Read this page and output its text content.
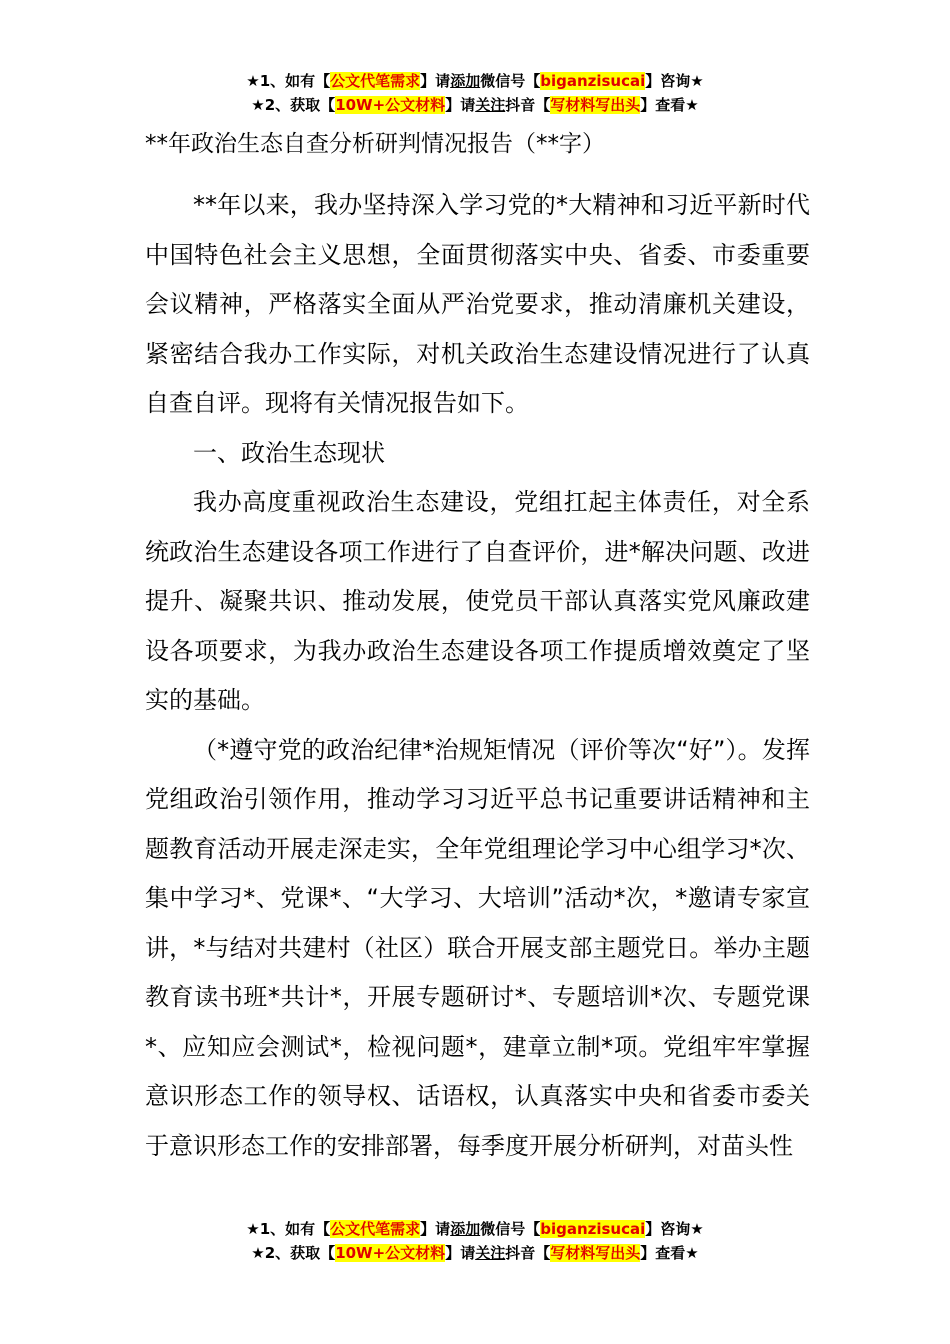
★1、如有【公文代笔需求】请添加微信号【biganzisucai】咨询★
★2、获取【10W+公文材料】请关注抖音【写材料写出头】查看★
**年政治生态自查分析研判情况报告（**字）

**年以来，我办坚持深入学习党的*大精神和习近平新时代中国特色社会主义思想，全面贯彻落实中央、省委、市委重要会议精神，严格落实全面从严治党要求，推动清廉机关建设，紧密结合我办工作实际，对机关政治生态建设情况进行了认真自查自评。现将有关情况报告如下。

一、政治生态现状

我办高度重视政治生态建设，党组扛起主体责任，对全系统政治生态建设各项工作进行了自查评价，进*解决问题、改进提升、凝聚共识、推动发展，使党员干部认真落实党风廉政建设各项要求，为我办政治生态建设各项工作提质增效奠定了坚实的基础。

（*遵守党的政治纪律*治规矩情况（评价等次“好”）。发挥党组政治引领作用，推动学习习近平总书记重要讲话精神和主题教育活动开展走深走实，全年党组理论学习中心组学习*次、集中学习*、党课*、“大学习、大培训”活动*次，*邀请专家宣讲，*与结对共建村（社区）联合开展支部主题党日。举办主题教育读书班*共计*，开展专题研讨*、专题培训*次、专题党课*、应知应会测试*，检视问题*，建章立制*项。党组牢牢掌握意识形态工作的领导权、话语权，认真落实中央和省委市委关于意识形态工作的安排部署，每季度开展分析研判，对苗头性

★1、如有【公文代笔需求】请添加微信号【biganzisucai】咨询★
★2、获取【10W+公文材料】请关注抖音【写材料写出头】查看★
